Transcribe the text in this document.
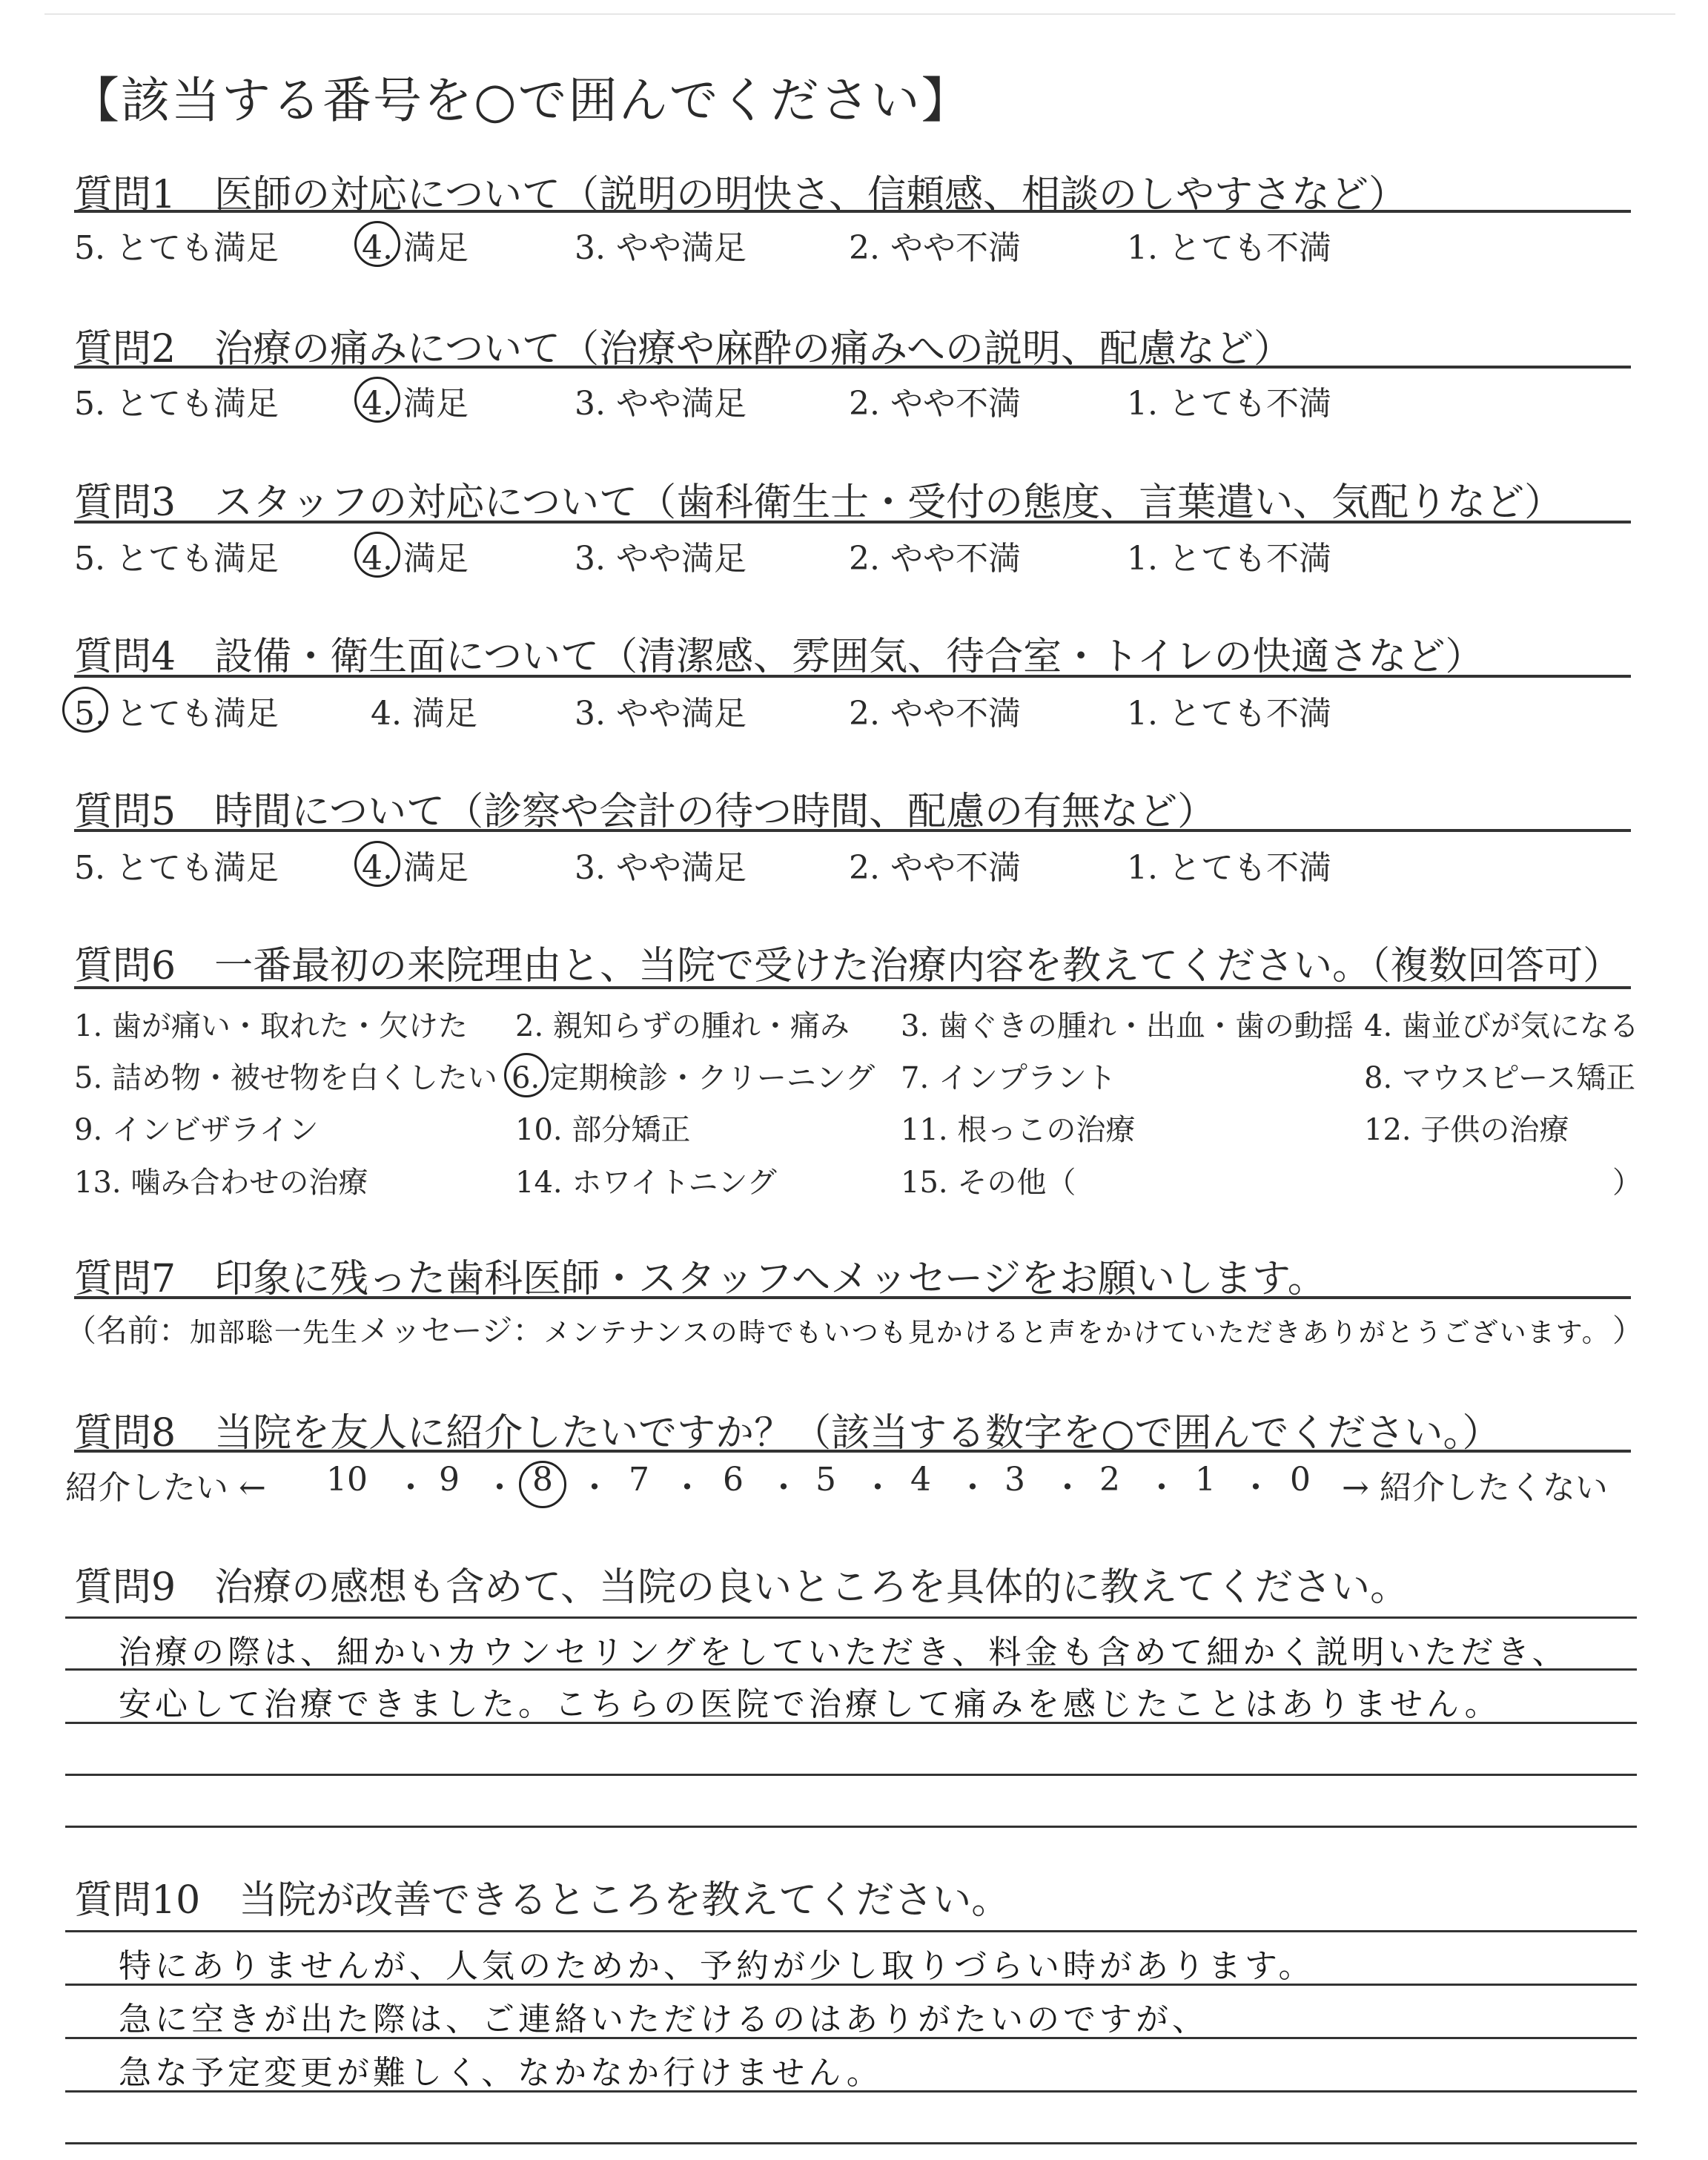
【該当する番号を○で囲んでください】
質問1　 医師の対応について（説明の明快さ、信頼感、相談のしやすさなど）
5. とても満足	4. 満足	3. やや満足	2. やや不満	1. とても不満
質問2　 治療の痛みについて（治療や麻酔の痛みへの説明、配慮など）
5. とても満足	4. 満足	3. やや満足	2. やや不満	1. とても不満
質問3　 スタッフの対応について（歯科衛生士・受付の態度、言葉遣い、気配りなど）
5. とても満足	4. 満足	3. やや満足	2. やや不満	1. とても不満
質問4　 設備・衛生面について（清潔感、雰囲気、待合室・トイレの快適さなど）
5. とても満足	4. 満足	3. やや満足	2. やや不満	1. とても不満
質問5　 時間について（診察や会計の待つ時間、配慮の有無など）
5. とても満足	4. 満足	3. やや満足	2. やや不満	1. とても不満
質問6　 一番最初の来院理由と、当院で受けた治療内容を教えてください。（複数回答可）
1. 歯が痛い・取れた・欠けた 2. 親知らずの腫れ・痛み 3. 歯ぐきの腫れ・出血・歯の動揺 4. 歯並びが気になる
5. 詰め物・被せ物を白くしたい 6. 定期検診・クリーニング 7. インプラント	8. マウスピース矯正
9. インビザライン	10. 部分矯正	11. 根っこの治療	12. 子供の治療
13. 噛み合わせの治療	14. ホワイトニング	15. その他（	）
質問7　 印象に残った歯科医師・スタッフへメッセージをお願いします。
（名前：加部聡一先生メッセージ：メンテナンスの時でもいつも見かけると声をかけていただきありがとうございます。 ）
質問8　 当院を友人に紹介したいですか？（該当する数字を○で囲んでください。）
紹介したい ←	→ 紹介したくない
10 ・ 9 ・ 8 ・ 7 ・ 6 ・ 5 ・ 4 ・ 3 ・ 2 ・ 1 ・ 0
質問9　 治療の感想も含めて、当院の良いところを具体的に教えてください。
治療の際は、細かいカウンセリングをしていただき、料金も含めて細かく説明いただき、
安心して治療できました。こちらの医院で治療して痛みを感じたことはありません。
質問10　 当院が改善できるところを教えてください。
特にありませんが、人気のためか、予約が少し取りづらい時があります。
急に空きが出た際は、ご連絡いただけるのはありがたいのですが、
急な予定変更が難しく、なかなか行けません。
